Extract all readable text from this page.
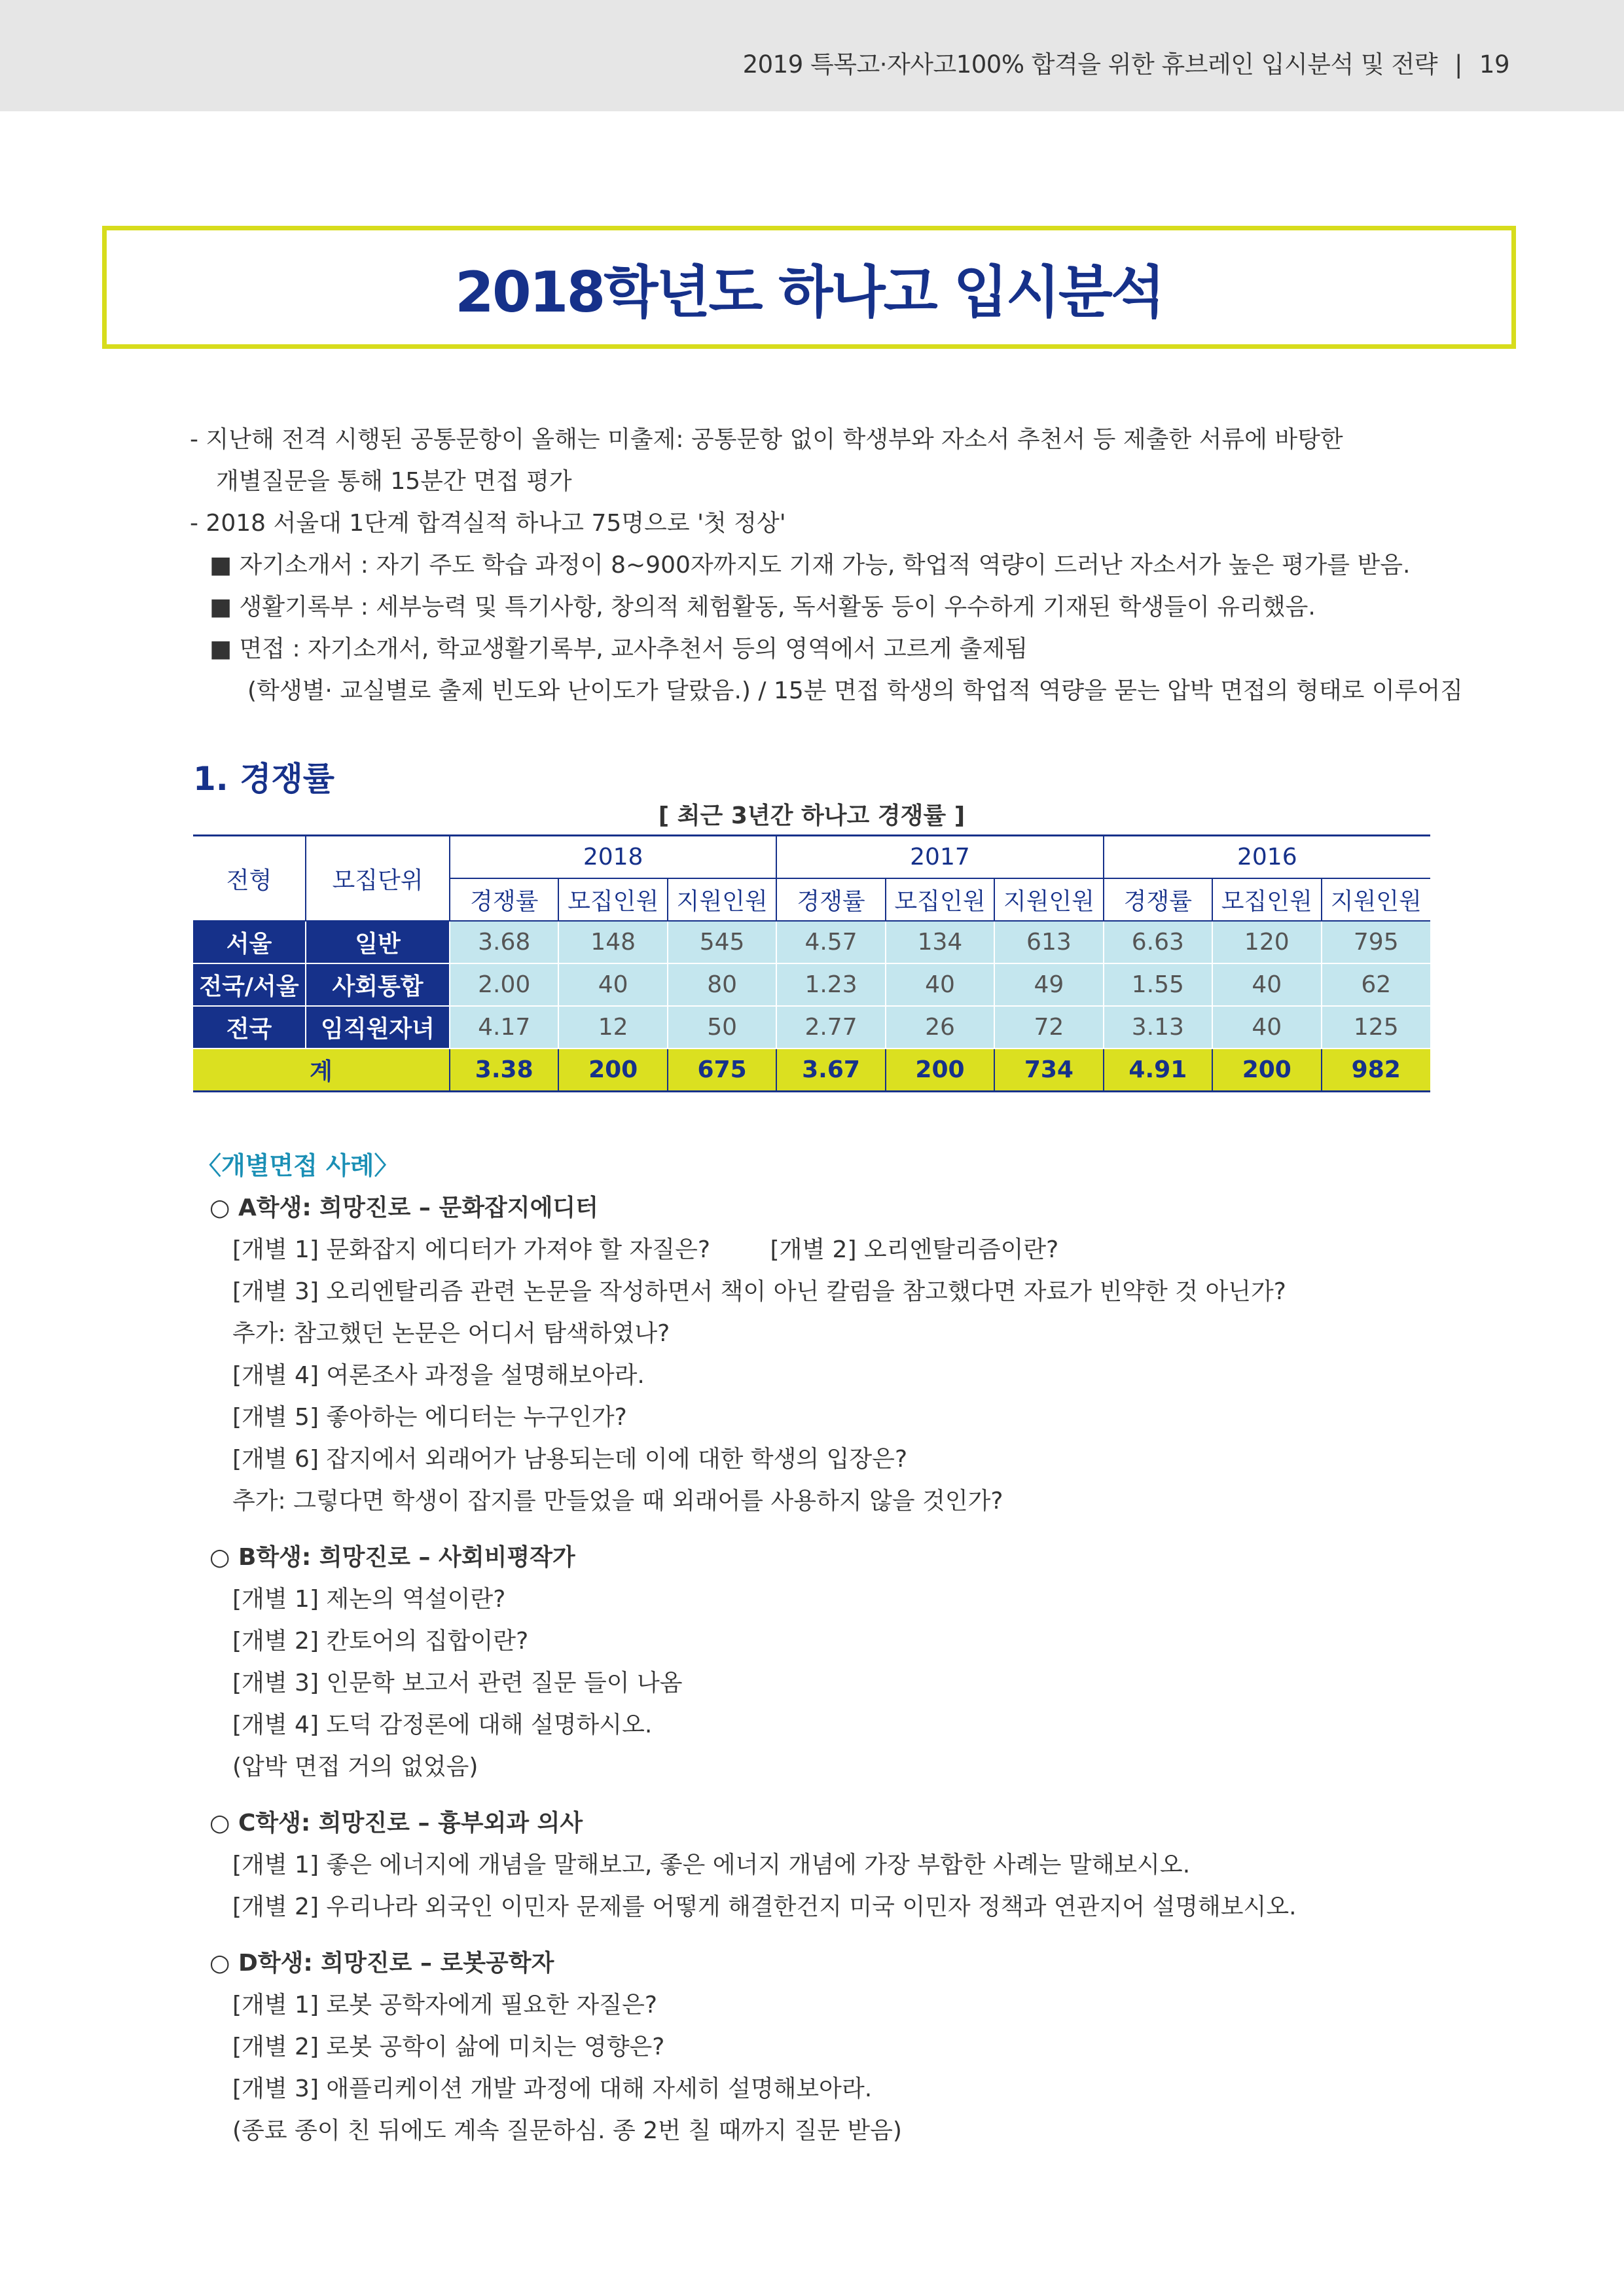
2019 특목고·자사고100% 합격을 위한 휴브레인 입시분석 및 전략 | 19
2018학년도 하나고 입시분석
- 지난해 전격 시행된 공통문항이 올해는 미출제: 공통문항 없이 학생부와 자소서 추천서 등 제출한 서류에 바탕한
개별질문을 통해 15분간 면접 평가
- 2018 서울대 1단계 합격실적 하나고 75명으로 '첫 정상'
■ 자기소개서 : 자기 주도 학습 과정이 8~900자까지도 기재 가능, 학업적 역량이 드러난 자소서가 높은 평가를 받음.
■ 생활기록부 : 세부능력 및 특기사항, 창의적 체험활동, 독서활동 등이 우수하게 기재된 학생들이 유리했음.
■ 면접 : 자기소개서, 학교생활기록부, 교사추천서 등의 영역에서 고르게 출제됨
(학생별· 교실별로 출제 빈도와 난이도가 달랐음.) / 15분 면접 학생의 학업적 역량을 묻는 압박 면접의 형태로 이루어짐
1. 경쟁률
[ 최근 3년간 하나고 경쟁률 ]
전형	모집단위	2018			2017			2016		
		경쟁률	모집인원	지원인원	경쟁률	모집인원	지원인원	경쟁률	모집인원	지원인원
서울	일반	3.68	148	545	4.57	134	613	6.63	120	795
전국/서울	사회통합	2.00	40	80	1.23	40	49	1.55	40	62
전국	임직원자녀	4.17	12	50	2.77	26	72	3.13	40	125
계		3.38	200	675	3.67	200	734	4.91	200	982
〈개별면접 사례〉
○ A학생: 희망진로 – 문화잡지에디터
[개별 1] 문화잡지 에디터가 가져야 할 자질은?        [개별 2] 오리엔탈리즘이란?
[개별 3] 오리엔탈리즘 관련 논문을 작성하면서 책이 아닌 칼럼을 참고했다면 자료가 빈약한 것 아닌가?
추가: 참고했던 논문은 어디서 탐색하였나?
[개별 4] 여론조사 과정을 설명해보아라.
[개별 5] 좋아하는 에디터는 누구인가?
[개별 6] 잡지에서 외래어가 남용되는데 이에 대한 학생의 입장은?
추가: 그렇다면 학생이 잡지를 만들었을 때 외래어를 사용하지 않을 것인가?
○ B학생: 희망진로 – 사회비평작가
[개별 1] 제논의 역설이란?
[개별 2] 칸토어의 집합이란?
[개별 3] 인문학 보고서 관련 질문 들이 나옴
[개별 4] 도덕 감정론에 대해 설명하시오.
(압박 면접 거의 없었음)
○ C학생: 희망진로 – 흉부외과 의사
[개별 1] 좋은 에너지에 개념을 말해보고, 좋은 에너지 개념에 가장 부합한 사례는 말해보시오.
[개별 2] 우리나라 외국인 이민자 문제를 어떻게 해결한건지 미국 이민자 정책과 연관지어 설명해보시오.
○ D학생: 희망진로 – 로봇공학자
[개별 1] 로봇 공학자에게 필요한 자질은?
[개별 2] 로봇 공학이 삶에 미치는 영향은?
[개별 3] 애플리케이션 개발 과정에 대해 자세히 설명해보아라.
(종료 종이 친 뒤에도 계속 질문하심. 종 2번 칠 때까지 질문 받음)
